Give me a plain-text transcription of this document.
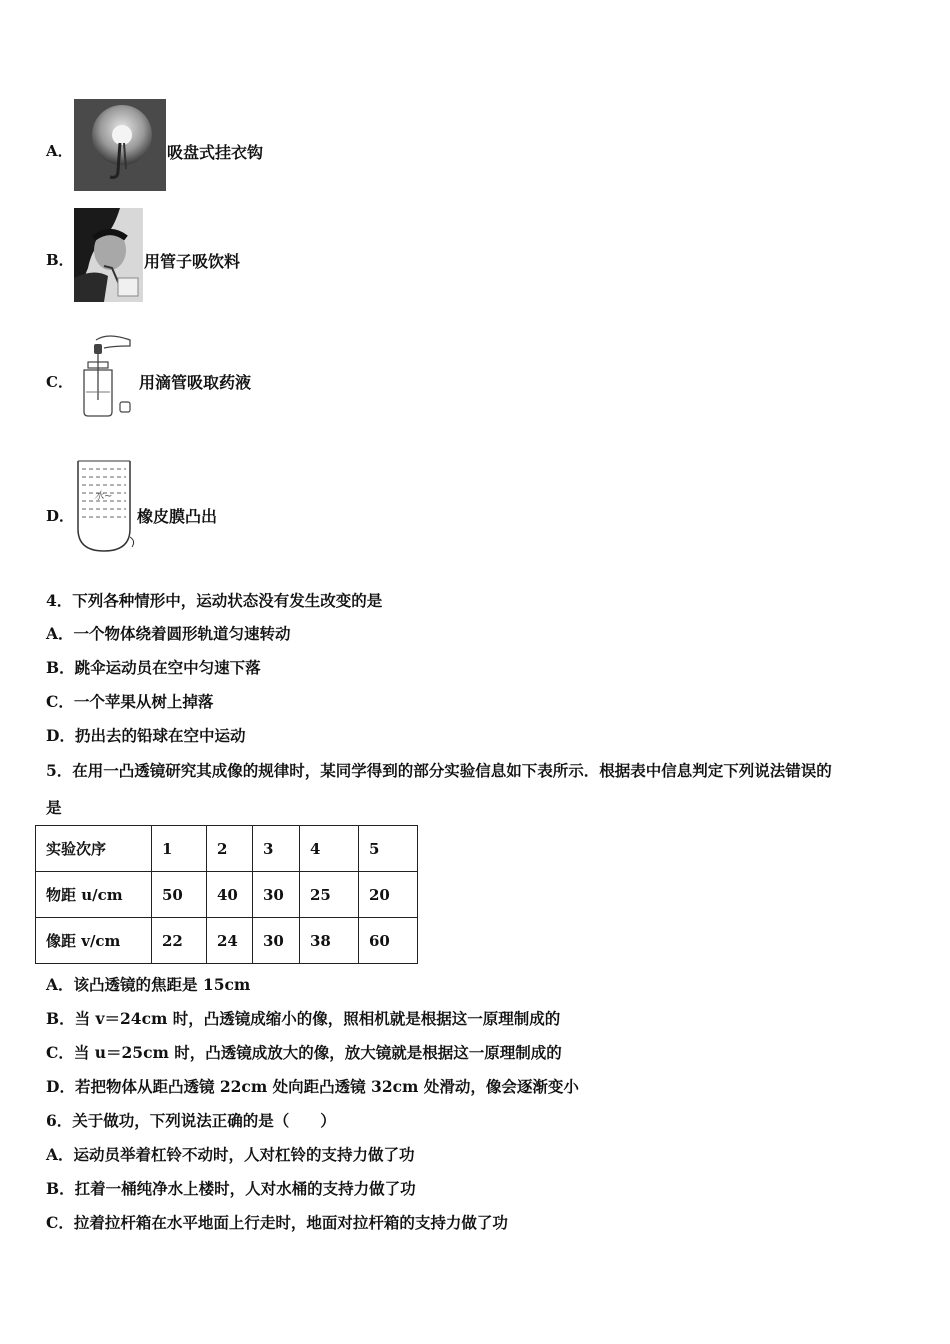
A．	吸盘式挂衣钩
B．	用管子吸饮料
C．	用滴管吸取药液
D．
水~
橡皮膜凸出
4．下列各种情形中，运动状态没有发生改变的是
A．一个物体绕着圆形轨道匀速转动
B．跳伞运动员在空中匀速下落
C．一个苹果从树上掉落
D．扔出去的铅球在空中运动
5．在用一凸透镜研究其成像的规律时，某同学得到的部分实验信息如下表所示．根据表中信息判定下列说法错误的
是
实验次序	1	2	3	4	5
物距 u/cm	50	40	30	25	20
像距 v/cm	22	24	30	38	60
A．该凸透镜的焦距是 15cm
B．当 v＝24cm 时，凸透镜成缩小的像，照相机就是根据这一原理制成的
C．当 u＝25cm 时，凸透镜成放大的像，放大镜就是根据这一原理制成的
D．若把物体从距凸透镜 22cm 处向距凸透镜 32cm 处滑动，像会逐渐变小
6．关于做功，下列说法正确的是（　　）
A．运动员举着杠铃不动时，人对杠铃的支持力做了功
B．扛着一桶纯净水上楼时，人对水桶的支持力做了功
C．拉着拉杆箱在水平地面上行走时，地面对拉杆箱的支持力做了功
